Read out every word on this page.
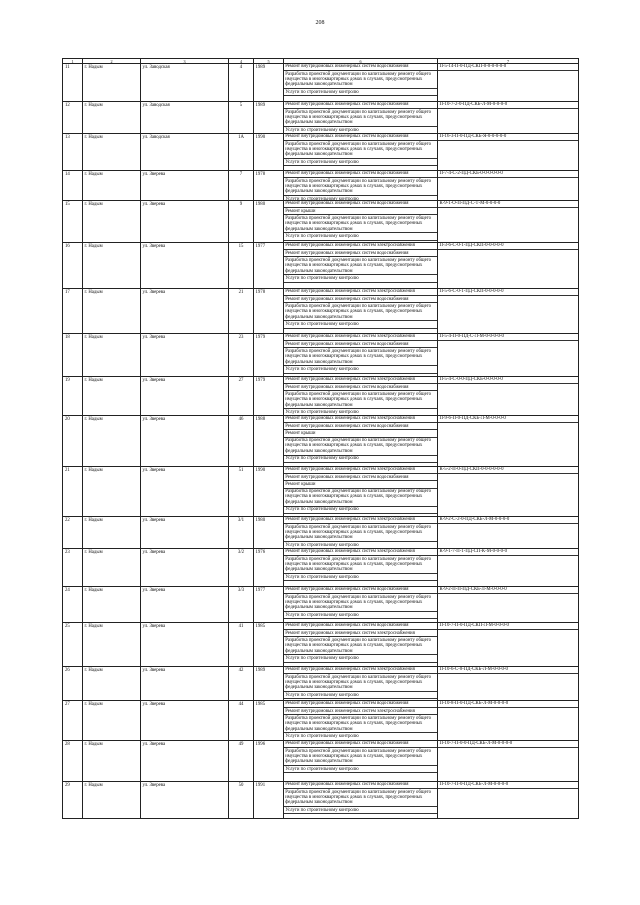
208
1	2	3	4	5	6	7
11	г. Надым	ул. Заводская	4	1989	Ремонт внутридомовых инженерных систем водоснабжения
Разработка проектной документации по капитальному ремонту общего имущества в многоквартирных домах в случаях, предусмотренных федеральным законодательством
Услуги по строительному контролю
П-5-14-П-0-ПД-СКП-0-0-0-0-0-0
12	г. Надым	ул. Заводская	5	1989	Ремонт внутридомовых инженерных систем водоснабжения
Разработка проектной документации по капитальному ремонту общего имущества в многоквартирных домах в случаях, предусмотренных федеральным законодательством
Услуги по строительному контролю
П-10-7-2-0-ПД-СКБ-Л-М-0-0-0-0
13	г. Надым	ул. Заводская	1А	1990	Ремонт внутридомовых инженерных систем водоснабжения
Разработка проектной документации по капитальному ремонту общего имущества в многоквартирных домах в случаях, предусмотренных федеральным законодательством
Услуги по строительному контролю
П-16-3-П-0-ПД-СКБ-Я-0-0-0-0-0
14	г. Надым	ул. Зверева	7	1978	Ремонт внутридомовых инженерных систем водоснабжения
Разработка проектной документации по капитальному ремонту общего имущества в многоквартирных домах в случаях, предусмотренных федеральным законодательством
Услуги по строительному контролю
П-7-4-С-2-ПД-СКБ-0-0-0-0-0-0
15	г. Надым	ул. Зверева	9	1980	Ремонт внутридомовых инженерных систем водоснабжения
Ремонт крыши
Разработка проектной документации по капитальному ремонту общего имущества в многоквартирных домах в случаях, предусмотренных федеральным законодательством
Услуги по строительному контролю
К-9-1-О-П-ПД-С-Т-М-0-0-0-0
16	г. Надым	ул. Зверева	15	1977	Ремонт внутридомовых инженерных систем электроснабжения
Ремонт внутридомовых инженерных систем водоснабжения
Разработка проектной документации по капитальному ремонту общего имущества в многоквартирных домах в случаях, предусмотренных федеральным законодательством
Услуги по строительному контролю
П-3-6-С-0-1-ПД-СКП-0-0-0-0-0
17	г. Надым	ул. Зверева	21	1978	Ремонт внутридомовых инженерных систем электроснабжения
Ремонт внутридомовых инженерных систем водоснабжения
Разработка проектной документации по капитальному ремонту общего имущества в многоквартирных домах в случаях, предусмотренных федеральным законодательством
Услуги по строительному контролю
П-5-6-С-0-1-ПД-СКП-0-0-0-0-0
18	г. Надым	ул. Зверева	23	1979	Ремонт внутридомовых инженерных систем электроснабжения
Ремонт внутридомовых инженерных систем водоснабжения
Разработка проектной документации по капитальному ремонту общего имущества в многоквартирных домах в случаях, предусмотренных федеральным законодательством
Услуги по строительному контролю
П-5-4-П-0-ПД-С-Л-М-0-0-0-0-0
19	г. Надым	ул. Зверева	27	1979	Ремонт внутридомовых инженерных систем электроснабжения
Ремонт внутридомовых инженерных систем водоснабжения
Разработка проектной документации по капитальному ремонту общего имущества в многоквартирных домах в случаях, предусмотренных федеральным законодательством
Услуги по строительному контролю
П-5-4-С-0-0-ПД-СКБ-0-0-0-0-0
20	г. Надым	ул. Зверева	46	1988	Ремонт внутридомовых инженерных систем электроснабжения
Ремонт внутридомовых инженерных систем водоснабжения
Ремонт крыши
Разработка проектной документации по капитальному ремонту общего имущества в многоквартирных домах в случаях, предусмотренных федеральным законодательством
Услуги по строительному контролю
П-9-6-П-0-ПД-СКБ-Л-М-0-0-0-0
21	г. Надым	ул. Зверева	51	1990	Ремонт внутридомовых инженерных систем электроснабжения
Ремонт внутридомовых инженерных систем водоснабжения
Ремонт крыши
Разработка проектной документации по капитальному ремонту общего имущества в многоквартирных домах в случаях, предусмотренных федеральным законодательством
Услуги по строительному контролю
К-5-2-П-0-ПД-СКП-0-0-0-0-0-0
22	г. Надым	ул. Зверева	3/1	1980	Ремонт внутридомовых инженерных систем электроснабжения
Разработка проектной документации по капитальному ремонту общего имущества в многоквартирных домах в случаях, предусмотренных федеральным законодательством
Услуги по строительному контролю
К-9-2-С-2-0-ПД-СКБ-Л-М-0-0-0-0
23	г. Надым	ул. Зверева	3/2	1976	Ремонт внутридомовых инженерных систем электроснабжения
Разработка проектной документации по капитальному ремонту общего имущества в многоквартирных домах в случаях, предусмотренных федеральным законодательством
Услуги по строительному контролю
К-9-1-7-П-1-ПД-СП-К-М-0-0-0-0
24	г. Надым	ул. Зверева	3/3	1977	Ремонт внутридомовых инженерных систем водоснабжения
Разработка проектной документации по капитальному ремонту общего имущества в многоквартирных домах в случаях, предусмотренных федеральным законодательством
Услуги по строительному контролю
К-9-2-П-П-ПД-СКБ-Л-М-0-0-0-0
25	г. Надым	ул. Зверева	41	1985	Ремонт внутридомовых инженерных систем водоснабжения
Ремонт внутридомовых инженерных систем электроснабжения
Разработка проектной документации по капитальному ремонту общего имущества в многоквартирных домах в случаях, предусмотренных федеральным законодательством
Услуги по строительному контролю
П-10-7-П-0-ПД-СКП-Л-М-0-0-0-0
26	г. Надым	ул. Зверева	42	1989	Ремонт внутридомовых инженерных систем электроснабжения
Разработка проектной документации по капитальному ремонту общего имущества в многоквартирных домах в случаях, предусмотренных федеральным законодательством
Услуги по строительному контролю
П-10-6-С-0-ПД-СКБ-Л-М-0-0-0-0
27	г. Надым	ул. Зверева	44	1985	Ремонт внутридомовых инженерных систем водоснабжения
Ремонт внутридомовых инженерных систем электроснабжения
Разработка проектной документации по капитальному ремонту общего имущества в многоквартирных домах в случаях, предусмотренных федеральным законодательством
Услуги по строительному контролю
П-10-8-П-0-ПД-СКБ-Л-М-0-0-0-0
28	г. Надым	ул. Зверева	49	1996	Ремонт внутридомовых инженерных систем водоснабжения
Разработка проектной документации по капитальному ремонту общего имущества в многоквартирных домах в случаях, предусмотренных федеральным законодательством
Услуги по строительному контролю
П-10-7-П-0-0-ПД-СКБ-Л-М-0-0-0-0
29	г. Надым	ул. Зверева	50	1991	Ремонт внутридомовых инженерных систем водоснабжения
Разработка проектной документации по капитальному ремонту общего имущества в многоквартирных домах в случаях, предусмотренных федеральным законодательством
Услуги по строительному контролю
П-10-7-П-0-ПД-СКБ-Л-М-0-0-0-0
